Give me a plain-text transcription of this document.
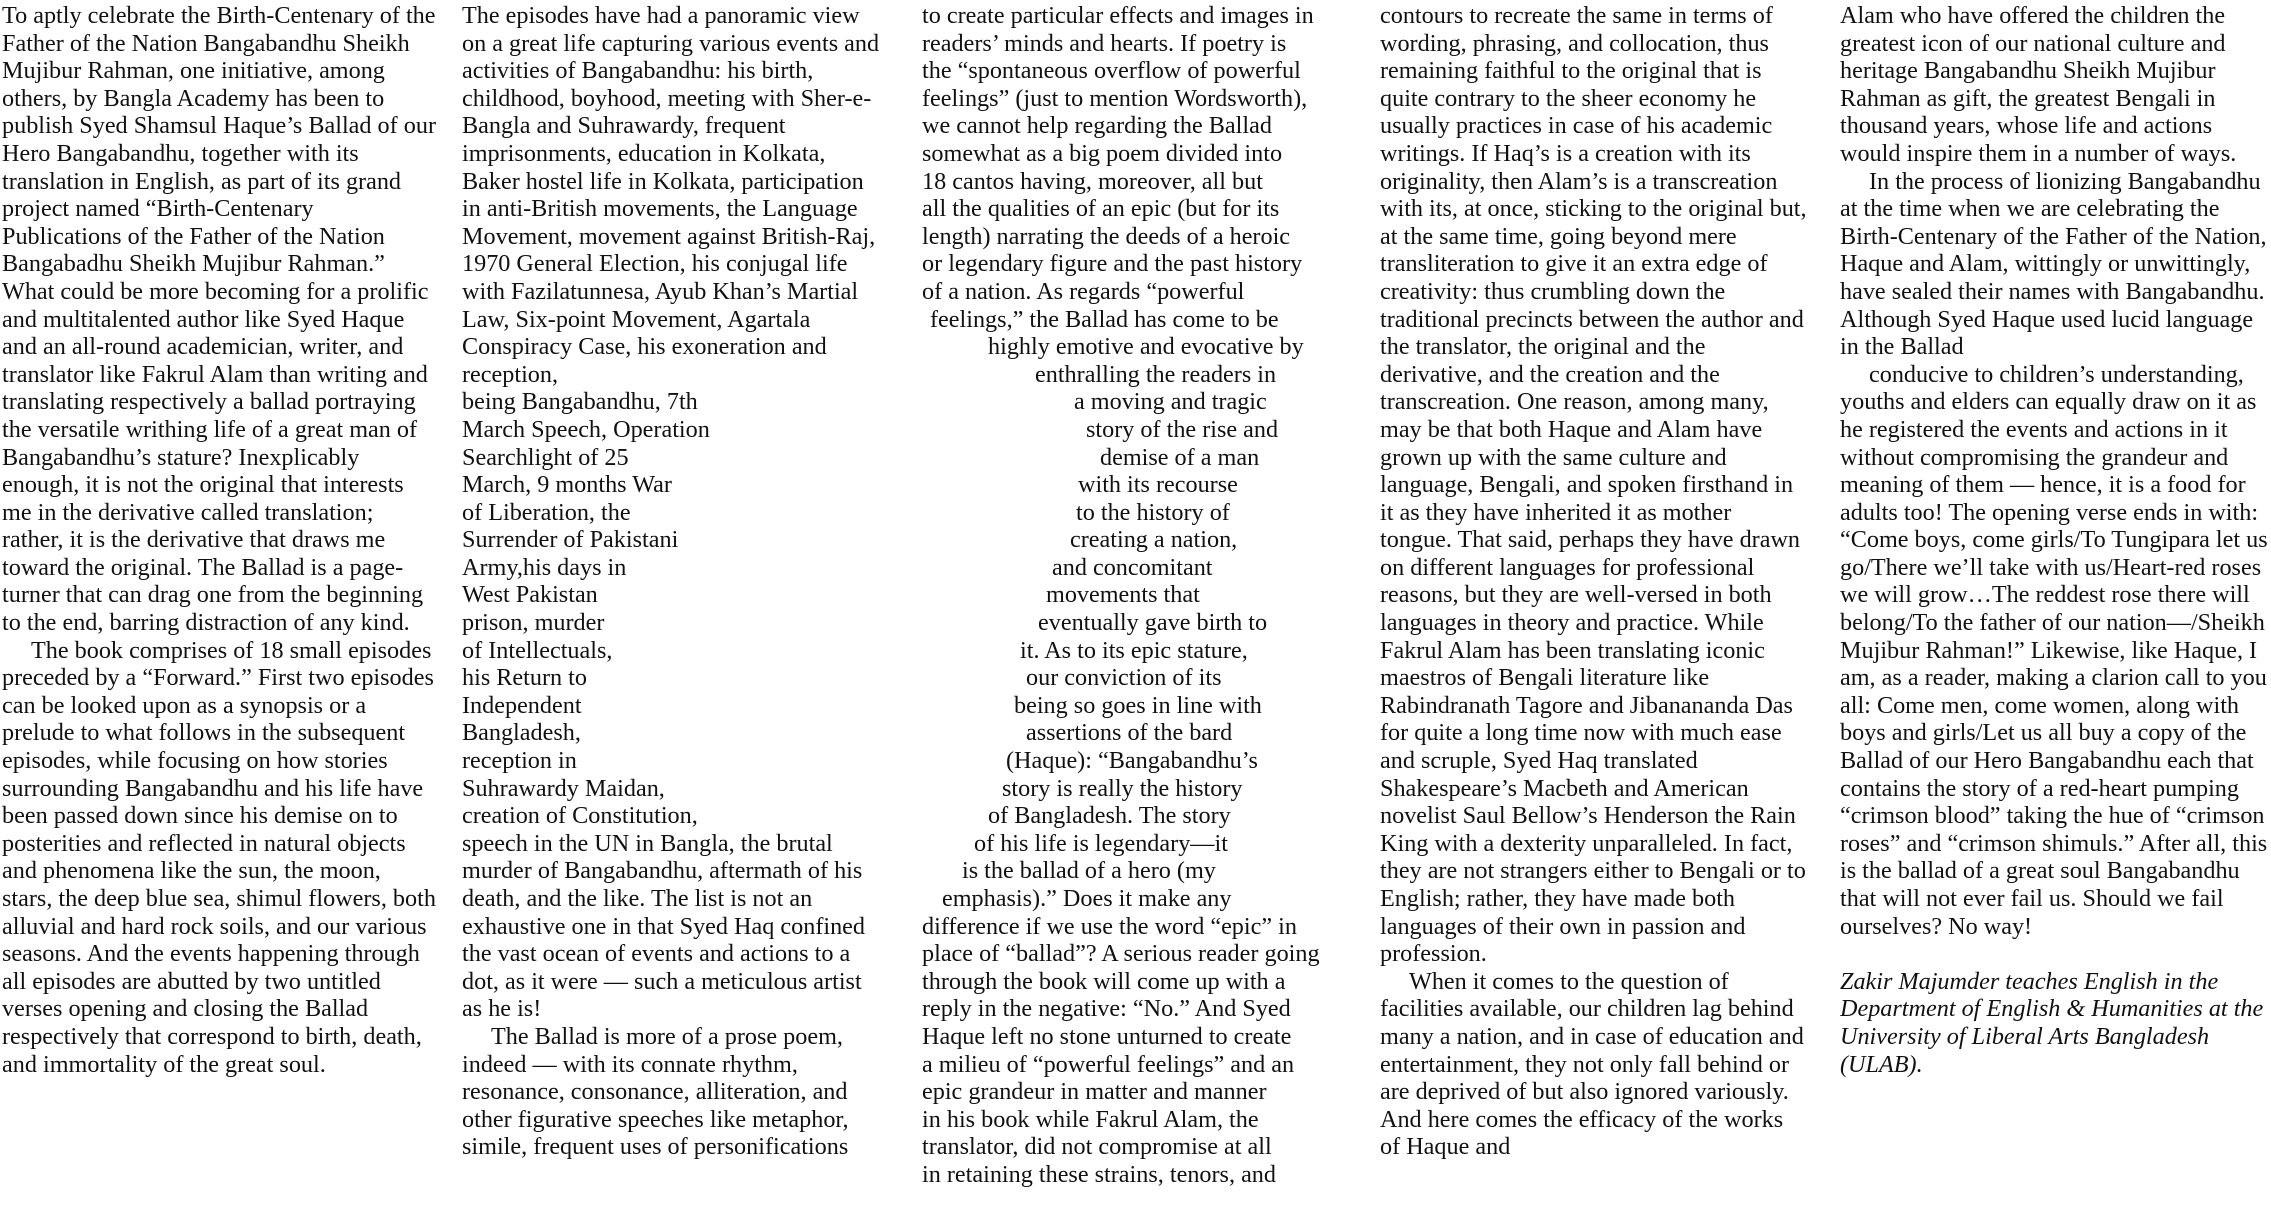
To aptly celebrate the Birth-Centenary of the Father of the Nation Bangabandhu Sheikh Mujibur Rahman, one initiative, among others, by Bangla Academy has been to publish Syed Shamsul Haque’s Ballad of our Hero Bangabandhu, together with its translation in English, as part of its grand project named “Birth-Centenary Publications of the Father of the Nation Bangabadhu Sheikh Mujibur Rahman.” What could be more becoming for a prolific and multitalented author like Syed Haque and an all-round academician, writer, and translator like Fakrul Alam than writing and translating respectively a ballad portraying the versatile writhing life of a great man of Bangabandhu’s stature? Inexplicably enough, it is not the original that interests me in the derivative called translation; rather, it is the derivative that draws me toward the original. The Ballad is a page-turner that can drag one from the beginning to the end, barring distraction of any kind.

The book comprises of 18 small episodes preceded by a “Forward.” First two episodes can be looked upon as a synopsis or a prelude to what follows in the subsequent episodes, while focusing on how stories surrounding Bangabandhu and his life have been passed down since his demise on to posterities and reflected in natural objects and phenomena like the sun, the moon, stars, the deep blue sea, shimul flowers, both alluvial and hard rock soils, and our various seasons. And the events happening through all episodes are abutted by two untitled verses opening and closing the Ballad respectively that correspond to birth, death, and immortality of the great soul.

The episodes have had a panoramic view on a great life capturing various events and activities of Bangabandhu: his birth, childhood, boyhood, meeting with Sher-e-Bangla and Suhrawardy, frequent imprisonments, education in Kolkata, Baker hostel life in Kolkata, participation in anti-British movements, the Language Movement, movement against British-Raj, 1970 General Election, his conjugal life with Fazilatunnesa, Ayub Khan’s Martial Law, Six-point Movement, Agartala Conspiracy Case, his exoneration and reception,

being Bangabandhu, 7th
March Speech, Operation
Searchlight of 25
March, 9 months War
of Liberation, the
Surrender of Pakistani
Army,his days in
West Pakistan
prison, murder
of Intellectuals,
his Return to
Independent
Bangladesh,
reception in
Suhrawardy Maidan,
creation of Constitution,

speech in the UN in Bangla, the brutal murder of Bangabandhu, aftermath of his death, and the like. The list is not an exhaustive one in that Syed Haq confined the vast ocean of events and actions to a dot, as it were — such a meticulous artist as he is!

The Ballad is more of a prose poem, indeed — with its connate rhythm, resonance, consonance, alliteration, and other figurative speeches like metaphor, simile, frequent uses of personifications

to create particular effects and images in
readers’ minds and hearts. If poetry is
the “spontaneous overflow of powerful
feelings” (just to mention Wordsworth),
we cannot help regarding the Ballad
somewhat as a big poem divided into
18 cantos having, moreover, all but
all the qualities of an epic (but for its
length) narrating the deeds of a heroic
or legendary figure and the past history
of a nation. As regards “powerful
feelings,” the Ballad has come to be
highly emotive and evocative by
enthralling the readers in
a moving and tragic
story of the rise and
demise of a man
with its recourse
to the history of
creating a nation,
and concomitant
movements that
eventually gave birth to
it. As to its epic stature,
our conviction of its
being so goes in line with
assertions of the bard
(Haque): “Bangabandhu’s
story is really the history
of Bangladesh. The story
of his life is legendary—it
is the ballad of a hero (my
emphasis).” Does it make any
difference if we use the word “epic” in
place of “ballad”? A serious reader going
through the book will come up with a
reply in the negative: “No.” And Syed
Haque left no stone unturned to create
a milieu of “powerful feelings” and an
epic grandeur in matter and manner
in his book while Fakrul Alam, the
translator, did not compromise at all
in retaining these strains, tenors, and

contours to recreate the same in terms of wording, phrasing, and collocation, thus remaining faithful to the original that is quite contrary to the sheer economy he usually practices in case of his academic writings. If Haq’s is a creation with its originality, then Alam’s is a transcreation with its, at once, sticking to the original but, at the same time, going beyond mere transliteration to give it an extra edge of creativity: thus crumbling down the traditional precincts between the author and the translator, the original and the derivative, and the creation and the transcreation. One reason, among many, may be that both Haque and Alam have grown up with the same culture and language, Bengali, and spoken firsthand in it as they have inherited it as mother tongue. That said, perhaps they have drawn on different languages for professional reasons, but they are well-versed in both languages in theory and practice. While Fakrul Alam has been translating iconic maestros of Bengali literature like Rabindranath Tagore and Jibanananda Das for quite a long time now with much ease and scruple, Syed Haq translated Shakespeare’s Macbeth and American novelist Saul Bellow’s Henderson the Rain King with a dexterity unparalleled. In fact, they are not strangers either to Bengali or to English; rather, they have made both languages of their own in passion and profession.

When it comes to the question of facilities available, our children lag behind many a nation, and in case of education and entertainment, they not only fall behind or are deprived of but also ignored variously. And here comes the efficacy of the works of Haque and

Alam who have offered the children the greatest icon of our national culture and heritage Bangabandhu Sheikh Mujibur Rahman as gift, the greatest Bengali in thousand years, whose life and actions would inspire them in a number of ways.

In the process of lionizing Bangabandhu at the time when we are celebrating the Birth-Centenary of the Father of the Nation, Haque and Alam, wittingly or unwittingly, have sealed their names with Bangabandhu. Although Syed Haque used lucid language in the Ballad

conducive to children’s understanding, youths and elders can equally draw on it as he registered the events and actions in it without compromising the grandeur and meaning of them — hence, it is a food for adults too! The opening verse ends in with: “Come boys, come girls/To Tungipara let us go/There we’ll take with us/Heart-red roses we will grow…The reddest rose there will belong/To the father of our nation—/Sheikh Mujibur Rahman!” Likewise, like Haque, I am, as a reader, making a clarion call to you all: Come men, come women, along with boys and girls/Let us all buy a copy of the Ballad of our Hero Bangabandhu each that contains the story of a red-heart pumping “crimson blood” taking the hue of “crimson roses” and “crimson shimuls.” After all, this is the ballad of a great soul Bangabandhu that will not ever fail us. Should we fail ourselves? No way!

Zakir Majumder teaches English in the Department of English & Humanities at the University of Liberal Arts Bangladesh (ULAB).
